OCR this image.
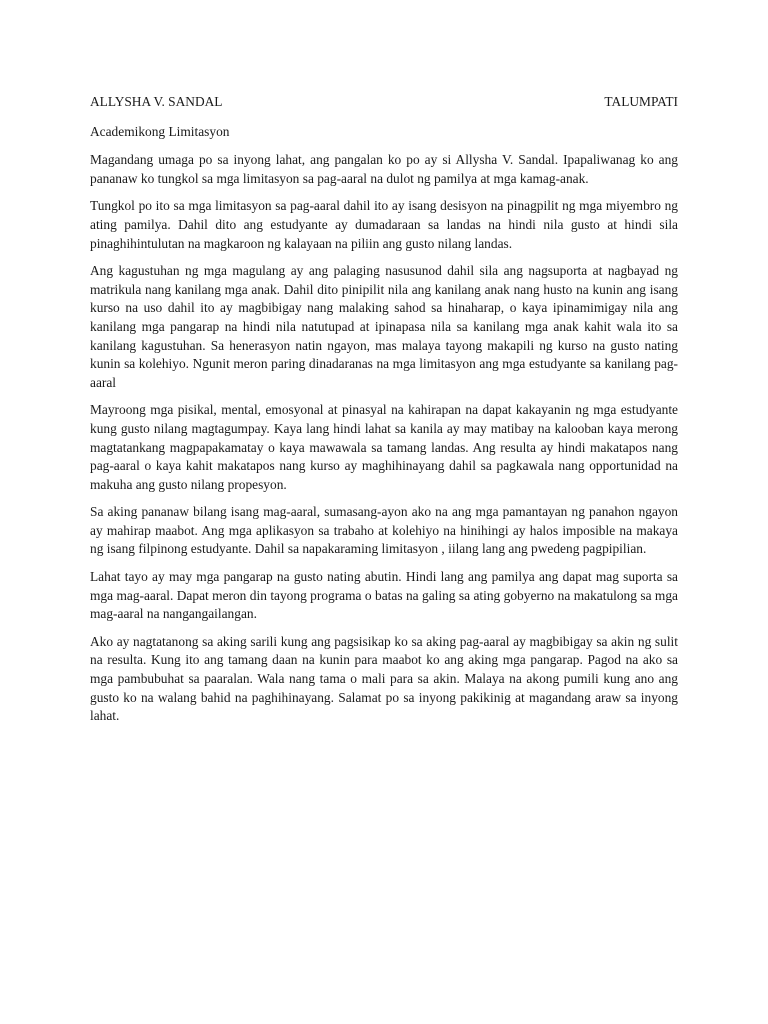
ALLYSHA V. SANDAL	TALUMPATI

Academikong Limitasyon

Magandang umaga po sa inyong lahat, ang pangalan ko po ay si Allysha V. Sandal. Ipapaliwanag ko ang pananaw ko tungkol sa mga limitasyon sa pag-aaral na dulot ng pamilya at mga kamag-anak.

Tungkol po ito sa mga limitasyon sa pag-aaral dahil ito ay isang desisyon na pinagpilit ng mga miyembro ng ating pamilya. Dahil dito ang estudyante ay dumadaraan sa landas na hindi nila gusto at hindi sila pinaghihintulutan na magkaroon ng kalayaan na piliin ang gusto nilang landas.

Ang kagustuhan ng mga magulang ay ang palaging nasusunod dahil sila ang nagsuporta at nagbayad ng matrikula nang kanilang mga anak. Dahil dito pinipilit nila ang kanilang anak nang husto na kunin ang isang kurso na uso dahil ito ay magbibigay nang malaking sahod sa hinaharap, o kaya ipinamimigay nila ang kanilang mga pangarap na hindi nila natutupad at ipinapasa nila sa kanilang mga anak kahit wala ito sa kanilang kagustuhan. Sa henerasyon natin ngayon, mas malaya tayong makapili ng kurso na gusto nating kunin sa kolehiyo. Ngunit meron paring dinadaranas na mga limitasyon ang mga estudyante sa kanilang pag- aaral

Mayroong mga pisikal, mental, emosyonal at pinasyal na kahirapan na dapat kakayanin ng mga estudyante kung gusto nilang magtagumpay. Kaya lang hindi lahat sa kanila ay may matibay na kalooban kaya merong magtatankang magpapakamatay o kaya mawawala sa tamang landas. Ang resulta ay hindi makatapos nang pag-aaral o kaya kahit makatapos nang kurso ay maghihinayang dahil sa pagkawala nang opportunidad na makuha ang gusto nilang propesyon.

Sa aking pananaw bilang isang mag-aaral, sumasang-ayon ako na ang mga pamantayan ng panahon ngayon ay mahirap maabot. Ang mga aplikasyon sa trabaho at kolehiyo na hinihingi ay halos imposible na makaya ng isang filpinong estudyante. Dahil sa napakaraming limitasyon , iilang lang ang pwedeng pagpipilian.

Lahat tayo ay may mga pangarap na gusto nating abutin. Hindi lang ang pamilya ang dapat mag suporta sa mga mag-aaral. Dapat meron din tayong programa o batas na galing sa ating gobyerno na makatulong sa mga mag-aaral na nangangailangan.

Ako ay nagtatanong sa aking sarili kung ang pagsisikap ko sa aking pag-aaral ay magbibigay sa akin ng sulit na resulta. Kung ito ang tamang daan na kunin para maabot ko ang aking mga pangarap. Pagod na ako sa mga pambubuhat sa paaralan. Wala nang tama o mali para sa akin. Malaya na akong pumili kung ano ang gusto ko na walang bahid na paghihinayang. Salamat po sa inyong pakikinig at magandang araw sa inyong lahat.
